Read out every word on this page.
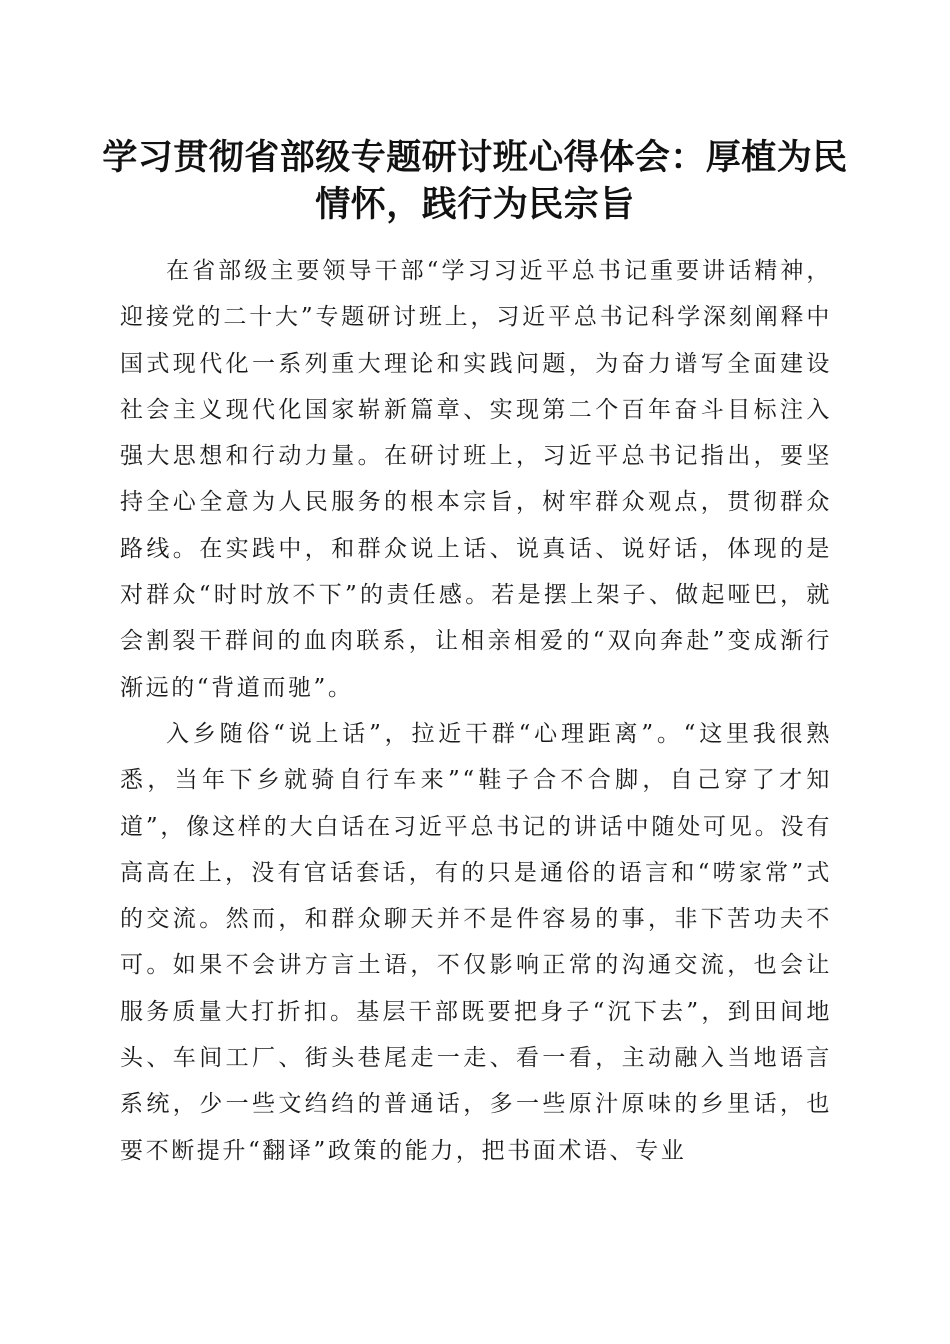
学习贯彻省部级专题研讨班心得体会：厚植为民情怀，践行为民宗旨

在省部级主要领导干部“学习习近平总书记重要讲话精神，迎接党的二十大”专题研讨班上，习近平总书记科学深刻阐释中国式现代化一系列重大理论和实践问题，为奋力谱写全面建设社会主义现代化国家崭新篇章、实现第二个百年奋斗目标注入强大思想和行动力量。在研讨班上，习近平总书记指出，要坚持全心全意为人民服务的根本宗旨，树牢群众观点，贯彻群众路线。在实践中，和群众说上话、说真话、说好话，体现的是对群众“时时放不下”的责任感。若是摆上架子、做起哑巴，就会割裂干群间的血肉联系，让相亲相爱的“双向奔赴”变成渐行渐远的“背道而驰”。

入乡随俗“说上话”，拉近干群“心理距离”。“这里我很熟悉，当年下乡就骑自行车来”“鞋子合不合脚，自己穿了才知道”，像这样的大白话在习近平总书记的讲话中随处可见。没有高高在上，没有官话套话，有的只是通俗的语言和“唠家常”式的交流。然而，和群众聊天并不是件容易的事，非下苦功夫不可。如果不会讲方言土语，不仅影响正常的沟通交流，也会让服务质量大打折扣。基层干部既要把身子“沉下去”，到田间地头、车间工厂、街头巷尾走一走、看一看，主动融入当地语言系统，少一些文绉绉的普通话，多一些原汁原味的乡里话，也要不断提升“翻译”政策的能力，把书面术语、专业
